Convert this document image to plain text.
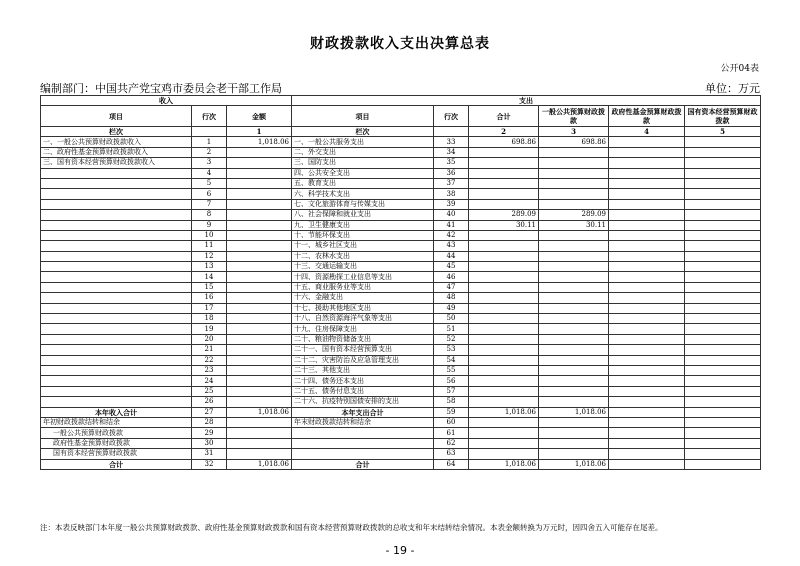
财政拨款收入支出决算总表
公开04表
编制部门：中国共产党宝鸡市委员会老干部工作局	单位：万元
收入			支出					
项目	行次	金额	项目	行次	合计	一般公共预算财政拨款	政府性基金预算财政拨款	国有资本经营预算财政拨款
栏次		1	栏次		2	3	4	5
一、一般公共预算财政拨款收入	1	1,018.06	一、一般公共服务支出	33	698.86	698.86		
二、政府性基金预算财政拨款收入	2		二、外交支出	34				
三、国有资本经营预算财政拨款收入	3		三、国防支出	35				
	4		四、公共安全支出	36				
	5		五、教育支出	37				
	6		六、科学技术支出	38				
	7		七、文化旅游体育与传媒支出	39				
	8		八、社会保障和就业支出	40	289.09	289.09		
	9		九、卫生健康支出	41	30.11	30.11		
	10		十、节能环保支出	42				
	11		十一、城乡社区支出	43				
	12		十二、农林水支出	44				
	13		十三、交通运输支出	45				
	14		十四、资源勘探工业信息等支出	46				
	15		十五、商业服务业等支出	47				
	16		十六、金融支出	48				
	17		十七、援助其他地区支出	49				
	18		十八、自然资源海洋气象等支出	50				
	19		十九、住房保障支出	51				
	20		二十、粮油物资储备支出	52				
	21		二十一、国有资本经营预算支出	53				
	22		二十二、灾害防治及应急管理支出	54				
	23		二十三、其他支出	55				
	24		二十四、债务还本支出	56				
	25		二十五、债务付息支出	57				
	26		二十六、抗疫特别国债安排的支出	58				
本年收入合计	27	1,018.06	本年支出合计	59	1,018.06	1,018.06		
年初财政拨款结转和结余	28		年末财政拨款结转和结余	60				
一般公共预算财政拨款	29			61				
政府性基金预算财政拨款	30			62				
国有资本经营预算财政拨款	31			63				
合计	32	1,018.06	合计	64	1,018.06	1,018.06		
注：本表反映部门本年度一般公共预算财政拨款、政府性基金预算财政拨款和国有资本经营预算财政拨款的总收支和年末结转结余情况。本表金额转换为万元时，因四舍五入可能存在尾差。
- 19 -
